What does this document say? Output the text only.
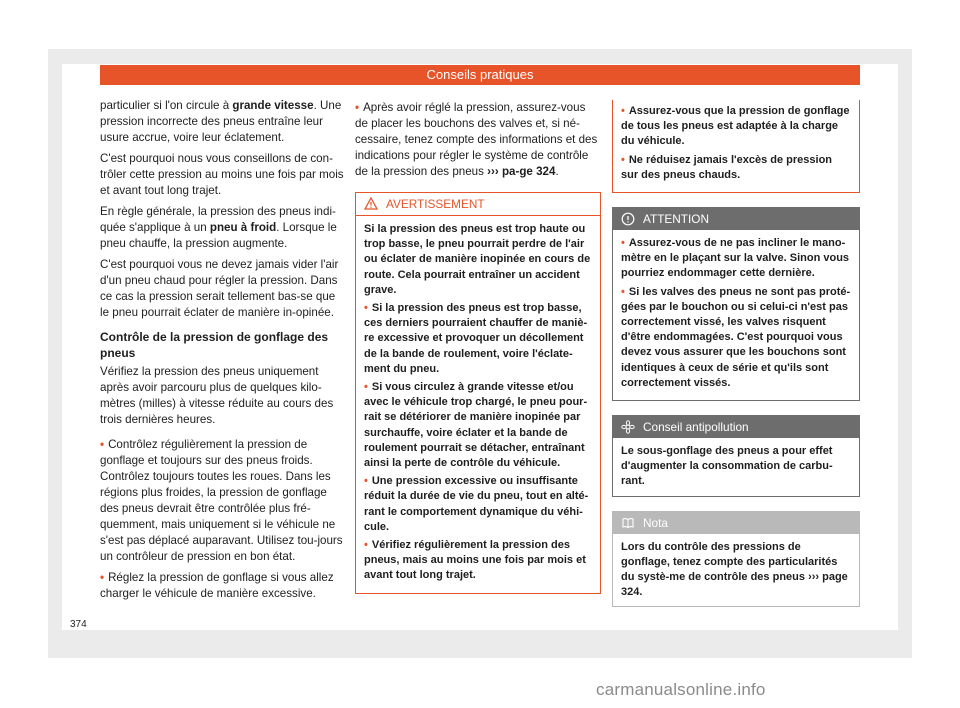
Conseils pratiques

particulier si l'on circule à grande vitesse. Une pression incorrecte des pneus entraîne leur usure accrue, voire leur éclatement.

C'est pourquoi nous vous conseillons de con-trôler cette pression au moins une fois par mois et avant tout long trajet.

En règle générale, la pression des pneus indi-quée s'applique à un pneu à froid. Lorsque le pneu chauffe, la pression augmente.

C'est pourquoi vous ne devez jamais vider l'air d'un pneu chaud pour régler la pression. Dans ce cas la pression serait tellement bas-se que le pneu pourrait éclater de manière in-opinée.

Contrôle de la pression de gonflage des pneus

Vérifiez la pression des pneus uniquement après avoir parcouru plus de quelques kilo-mètres (milles) à vitesse réduite au cours des trois dernières heures.

• Contrôlez régulièrement la pression de gonflage et toujours sur des pneus froids. Contrôlez toujours toutes les roues. Dans les régions plus froides, la pression de gonflage des pneus devrait être contrôlée plus fré-quemment, mais uniquement si le véhicule ne s'est pas déplacé auparavant. Utilisez tou-jours un contrôleur de pression en bon état.

• Réglez la pression de gonflage si vous allez charger le véhicule de manière excessive.

• Après avoir réglé la pression, assurez-vous de placer les bouchons des valves et, si né-cessaire, tenez compte des informations et des indications pour régler le système de contrôle de la pression des pneus ››› pa-ge 324.

AVERTISSEMENT

Si la pression des pneus est trop haute ou trop basse, le pneu pourrait perdre de l'air ou éclater de manière inopinée en cours de route. Cela pourrait entraîner un accident grave.

• Si la pression des pneus est trop basse, ces derniers pourraient chauffer de maniè-re excessive et provoquer un décollement de la bande de roulement, voire l'éclate-ment du pneu.

• Si vous circulez à grande vitesse et/ou avec le véhicule trop chargé, le pneu pour-rait se détériorer de manière inopinée par surchauffe, voire éclater et la bande de roulement pourrait se détacher, entraînant ainsi la perte de contrôle du véhicule.

• Une pression excessive ou insuffisante réduit la durée de vie du pneu, tout en alté-rant le comportement dynamique du véhi-cule.

• Vérifiez régulièrement la pression des pneus, mais au moins une fois par mois et avant tout long trajet.

• Assurez-vous que la pression de gonflage de tous les pneus est adaptée à la charge du véhicule.

• Ne réduisez jamais l'excès de pression sur des pneus chauds.

ATTENTION

• Assurez-vous de ne pas incliner le mano-mètre en le plaçant sur la valve. Sinon vous pourriez endommager cette dernière.

• Si les valves des pneus ne sont pas proté-gées par le bouchon ou si celui-ci n'est pas correctement vissé, les valves risquent d'être endommagées. C'est pourquoi vous devez vous assurer que les bouchons sont identiques à ceux de série et qu'ils sont correctement vissés.

Conseil antipollution
Le sous-gonflage des pneus a pour effet d'augmenter la consommation de carbu-rant.
Nota
Lors du contrôle des pressions de gonflage, tenez compte des particularités du systè-me de contrôle des pneus ››› page 324.
374
carmanualsonline.info
